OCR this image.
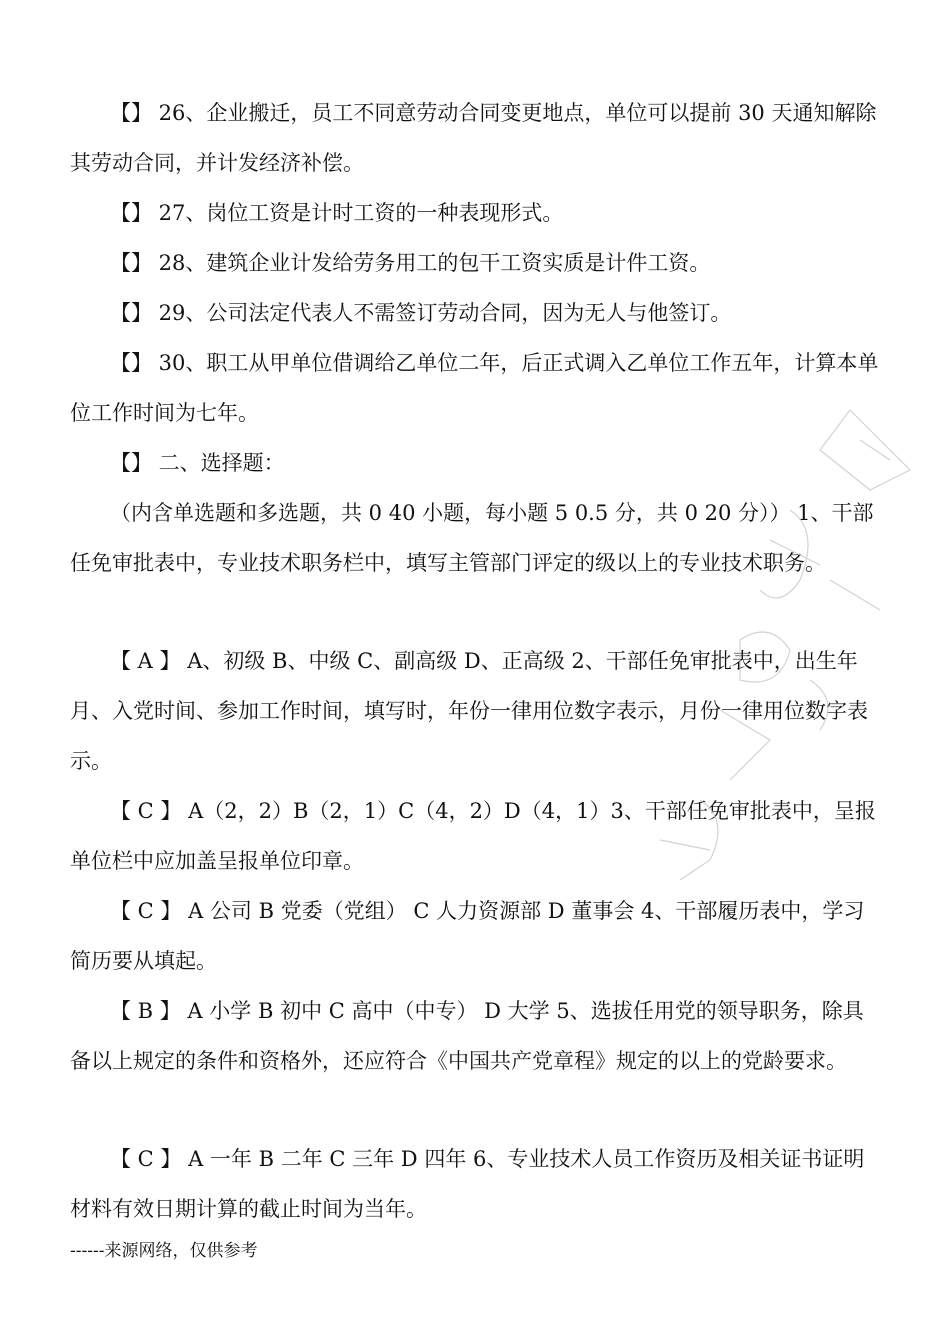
【】 26、企业搬迁，员工不同意劳动合同变更地点，单位可以提前 30 天通知解除其劳动合同，并计发经济补偿。

【】 27、岗位工资是计时工资的一种表现形式。

【】 28、建筑企业计发给劳务用工的包干工资实质是计件工资。

【】 29、公司法定代表人不需签订劳动合同，因为无人与他签订。

【】 30、职工从甲单位借调给乙单位二年，后正式调入乙单位工作五年，计算本单位工作时间为七年。

【】 二、选择题：

（内含单选题和多选题，共 0 40 小题，每小题 5 0.5 分，共 0 20 分）） 1、干部任免审批表中，专业技术职务栏中，填写主管部门评定的级以上的专业技术职务。

【 A 】 A、初级 B、中级 C、副高级 D、正高级 2、干部任免审批表中，出生年月、入党时间、参加工作时间，填写时，年份一律用位数字表示，月份一律用位数字表示。

【 C 】 A（2，2）B（2，1）C（4，2）D（4，1）3、干部任免审批表中，呈报单位栏中应加盖呈报单位印章。

【 C 】 A 公司 B 党委（党组） C 人力资源部 D 董事会 4、干部履历表中，学习简历要从填起。

【 B 】 A 小学 B 初中 C 高中（中专） D 大学 5、选拔任用党的领导职务，除具备以上规定的条件和资格外，还应符合《中国共产党章程》规定的以上的党龄要求。

【 C 】 A 一年 B 二年 C 三年 D 四年 6、专业技术人员工作资历及相关证书证明材料有效日期计算的截止时间为当年。

------来源网络，仅供参考
